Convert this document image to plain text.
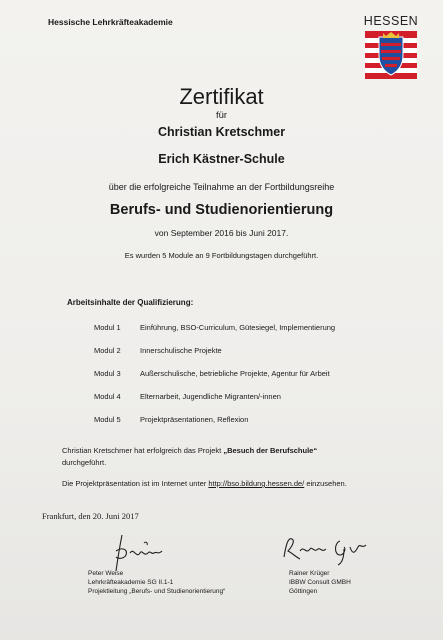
Hessische Lehrkräfteakademie	HESSEN
Zertifikat
für
Christian Kretschmer
Erich Kästner-Schule
über die erfolgreiche Teilnahme an der Fortbildungsreihe
Berufs- und Studienorientierung
von September 2016 bis Juni 2017.
Es wurden 5 Module an 9 Fortbildungstagen durchgeführt.
Arbeitsinhalte der Qualifizierung:
Modul 1	Einführung, BSO-Curriculum, Gütesiegel, Implementierung
Modul 2	Innerschulische Projekte
Modul 3	Außerschulische, betriebliche Projekte, Agentur für Arbeit
Modul 4	Elternarbeit, Jugendliche Migranten/-innen
Modul 5	Projektpräsentationen, Reflexion
Christian Kretschmer hat erfolgreich das Projekt „Besuch der Berufschule“
durchgeführt.
Die Projektpräsentation ist im Internet unter http://bso.bildung.hessen.de/ einzusehen.
Frankfurt, den 20. Juni 2017
Peter Weise
Lehrkräfteakademie SG II.1-1
Projektleitung „Berufs- und Studienorientierung“
Rainer Krüger
IBBW Consult GMBH
Göttingen
